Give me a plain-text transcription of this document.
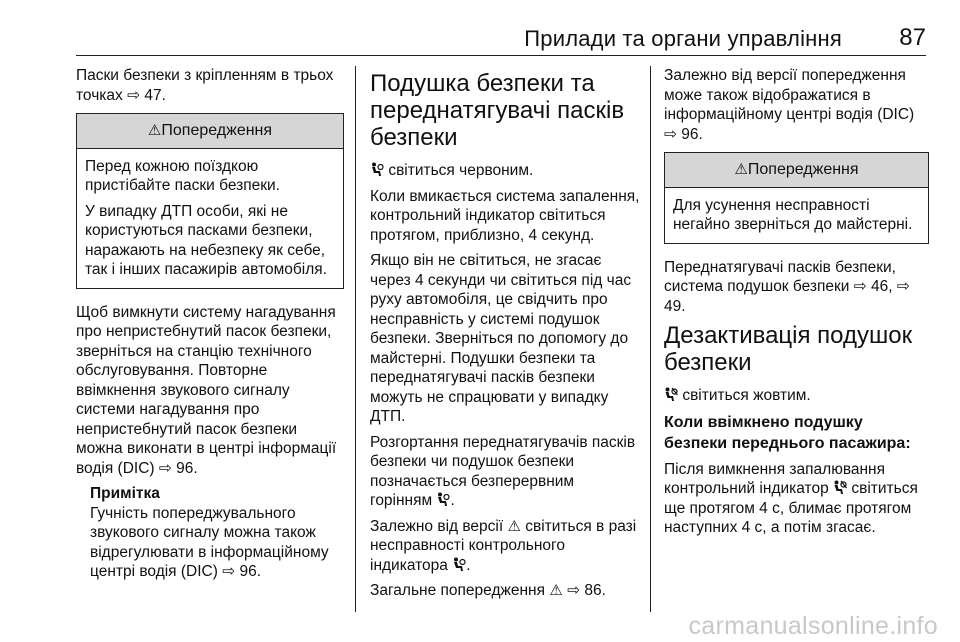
Прилади та органи управління 87

Паски безпеки з кріпленням в трьох точках ⇨ 47.

⚠Попередження

Перед кожною поїздкою пристібайте паски безпеки.

У випадку ДТП особи, які не користуються пасками безпеки, наражають на небезпеку як себе, так і інших пасажирів автомобіля.

Щоб вимкнути систему нагадування про непристебнутий пасок безпеки, зверніться на станцію технічного обслуговування. Повторне ввімкнення звукового сигналу системи нагадування про непристебнутий пасок безпеки можна виконати в центрі інформації водія (DIC) ⇨ 96.

Примітка

Гучність попереджувального звукового сигналу можна також відрегулювати в інформаційному центрі водія (DIC) ⇨ 96.

Подушка безпеки та переднатягувачі пасків безпеки

світиться червоним.

Коли вмикається система запалення, контрольний індикатор світиться протягом, приблизно, 4 секунд.

Якщо він не світиться, не згасає через 4 секунди чи світиться під час руху автомобіля, це свідчить про несправність у системі подушок безпеки. Зверніться по допомогу до майстерні. Подушки безпеки та переднатягувачі пасків безпеки можуть не спрацювати у випадку ДТП.

Розгортання переднатягувачів пасків безпеки чи подушок безпеки позначається безперервним горінням .

Залежно від версії ⚠ світиться в разі несправності контрольного індикатора .

Загальне попередження ⚠ ⇨ 86.

Залежно від версії попередження може також відображатися в інформаційному центрі водія (DIC) ⇨ 96.

⚠Попередження

Для усунення несправності негайно зверніться до майстерні.

Переднатягувачі пасків безпеки, система подушок безпеки ⇨ 46, ⇨ 49.

Дезактивація подушок безпеки

світиться жовтим.

Коли ввімкнено подушку безпеки переднього пасажира:

Після вимкнення запалювання контрольний індикатор світиться ще протягом 4 с, блимає протягом наступних 4 с, а потім згасає.

carmanualsonline.info
